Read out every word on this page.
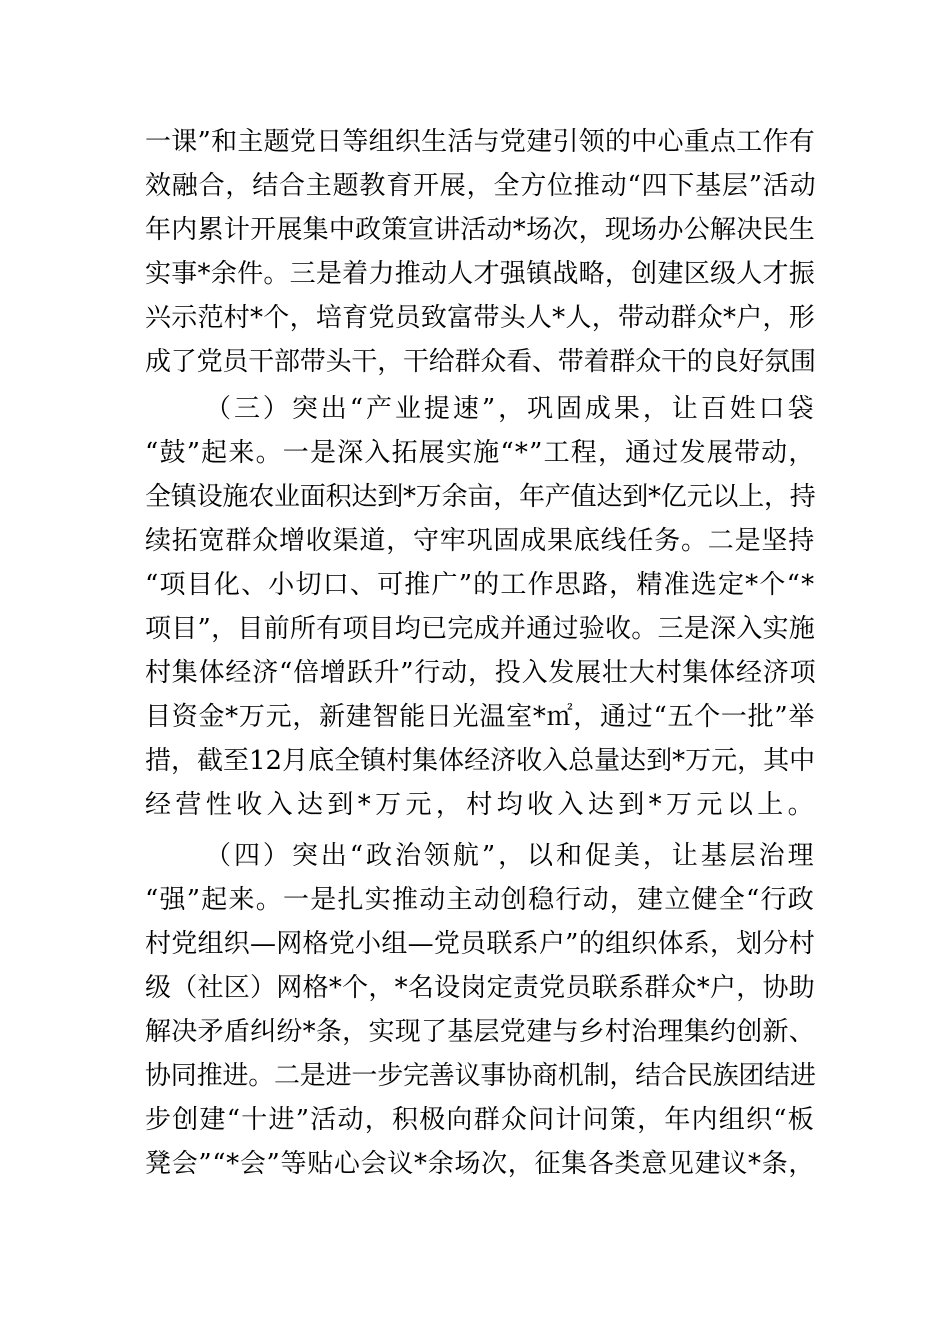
一课”和主题党日等组织生活与党建引领的中心重点工作有
效融合，结合主题教育开展，全方位推动“四下基层”活动
年内累计开展集中政策宣讲活动*场次，现场办公解决民生
实事*余件。三是着力推动人才强镇战略，创建区级人才振
兴示范村*个，培育党员致富带头人*人，带动群众*户，形
成了党员干部带头干，干给群众看、带着群众干的良好氛围
（三）突出“产业提速”，巩固成果，让百姓口袋
“鼓”起来。一是深入拓展实施“*”工程，通过发展带动，
全镇设施农业面积达到*万余亩，年产值达到*亿元以上，持
续拓宽群众增收渠道，守牢巩固成果底线任务。二是坚持
“项目化、小切口、可推广”的工作思路，精准选定*个“*
项目”，目前所有项目均已完成并通过验收。三是深入实施
村集体经济“倍增跃升”行动，投入发展壮大村集体经济项
目资金*万元，新建智能日光温室*㎡，通过“五个一批”举
措，截至12月底全镇村集体经济收入总量达到*万元，其中
经营性收入达到*万元，村均收入达到*万元以上。
（四）突出“政治领航”，以和促美，让基层治理
“强”起来。一是扎实推动主动创稳行动，建立健全“行政
村党组织—网格党小组—党员联系户”的组织体系，划分村
级（社区）网格*个，*名设岗定责党员联系群众*户，协助
解决矛盾纠纷*条，实现了基层党建与乡村治理集约创新、
协同推进。二是进一步完善议事协商机制，结合民族团结进
步创建“十进”活动，积极向群众问计问策，年内组织“板
凳会”“*会”等贴心会议*余场次，征集各类意见建议*条，
